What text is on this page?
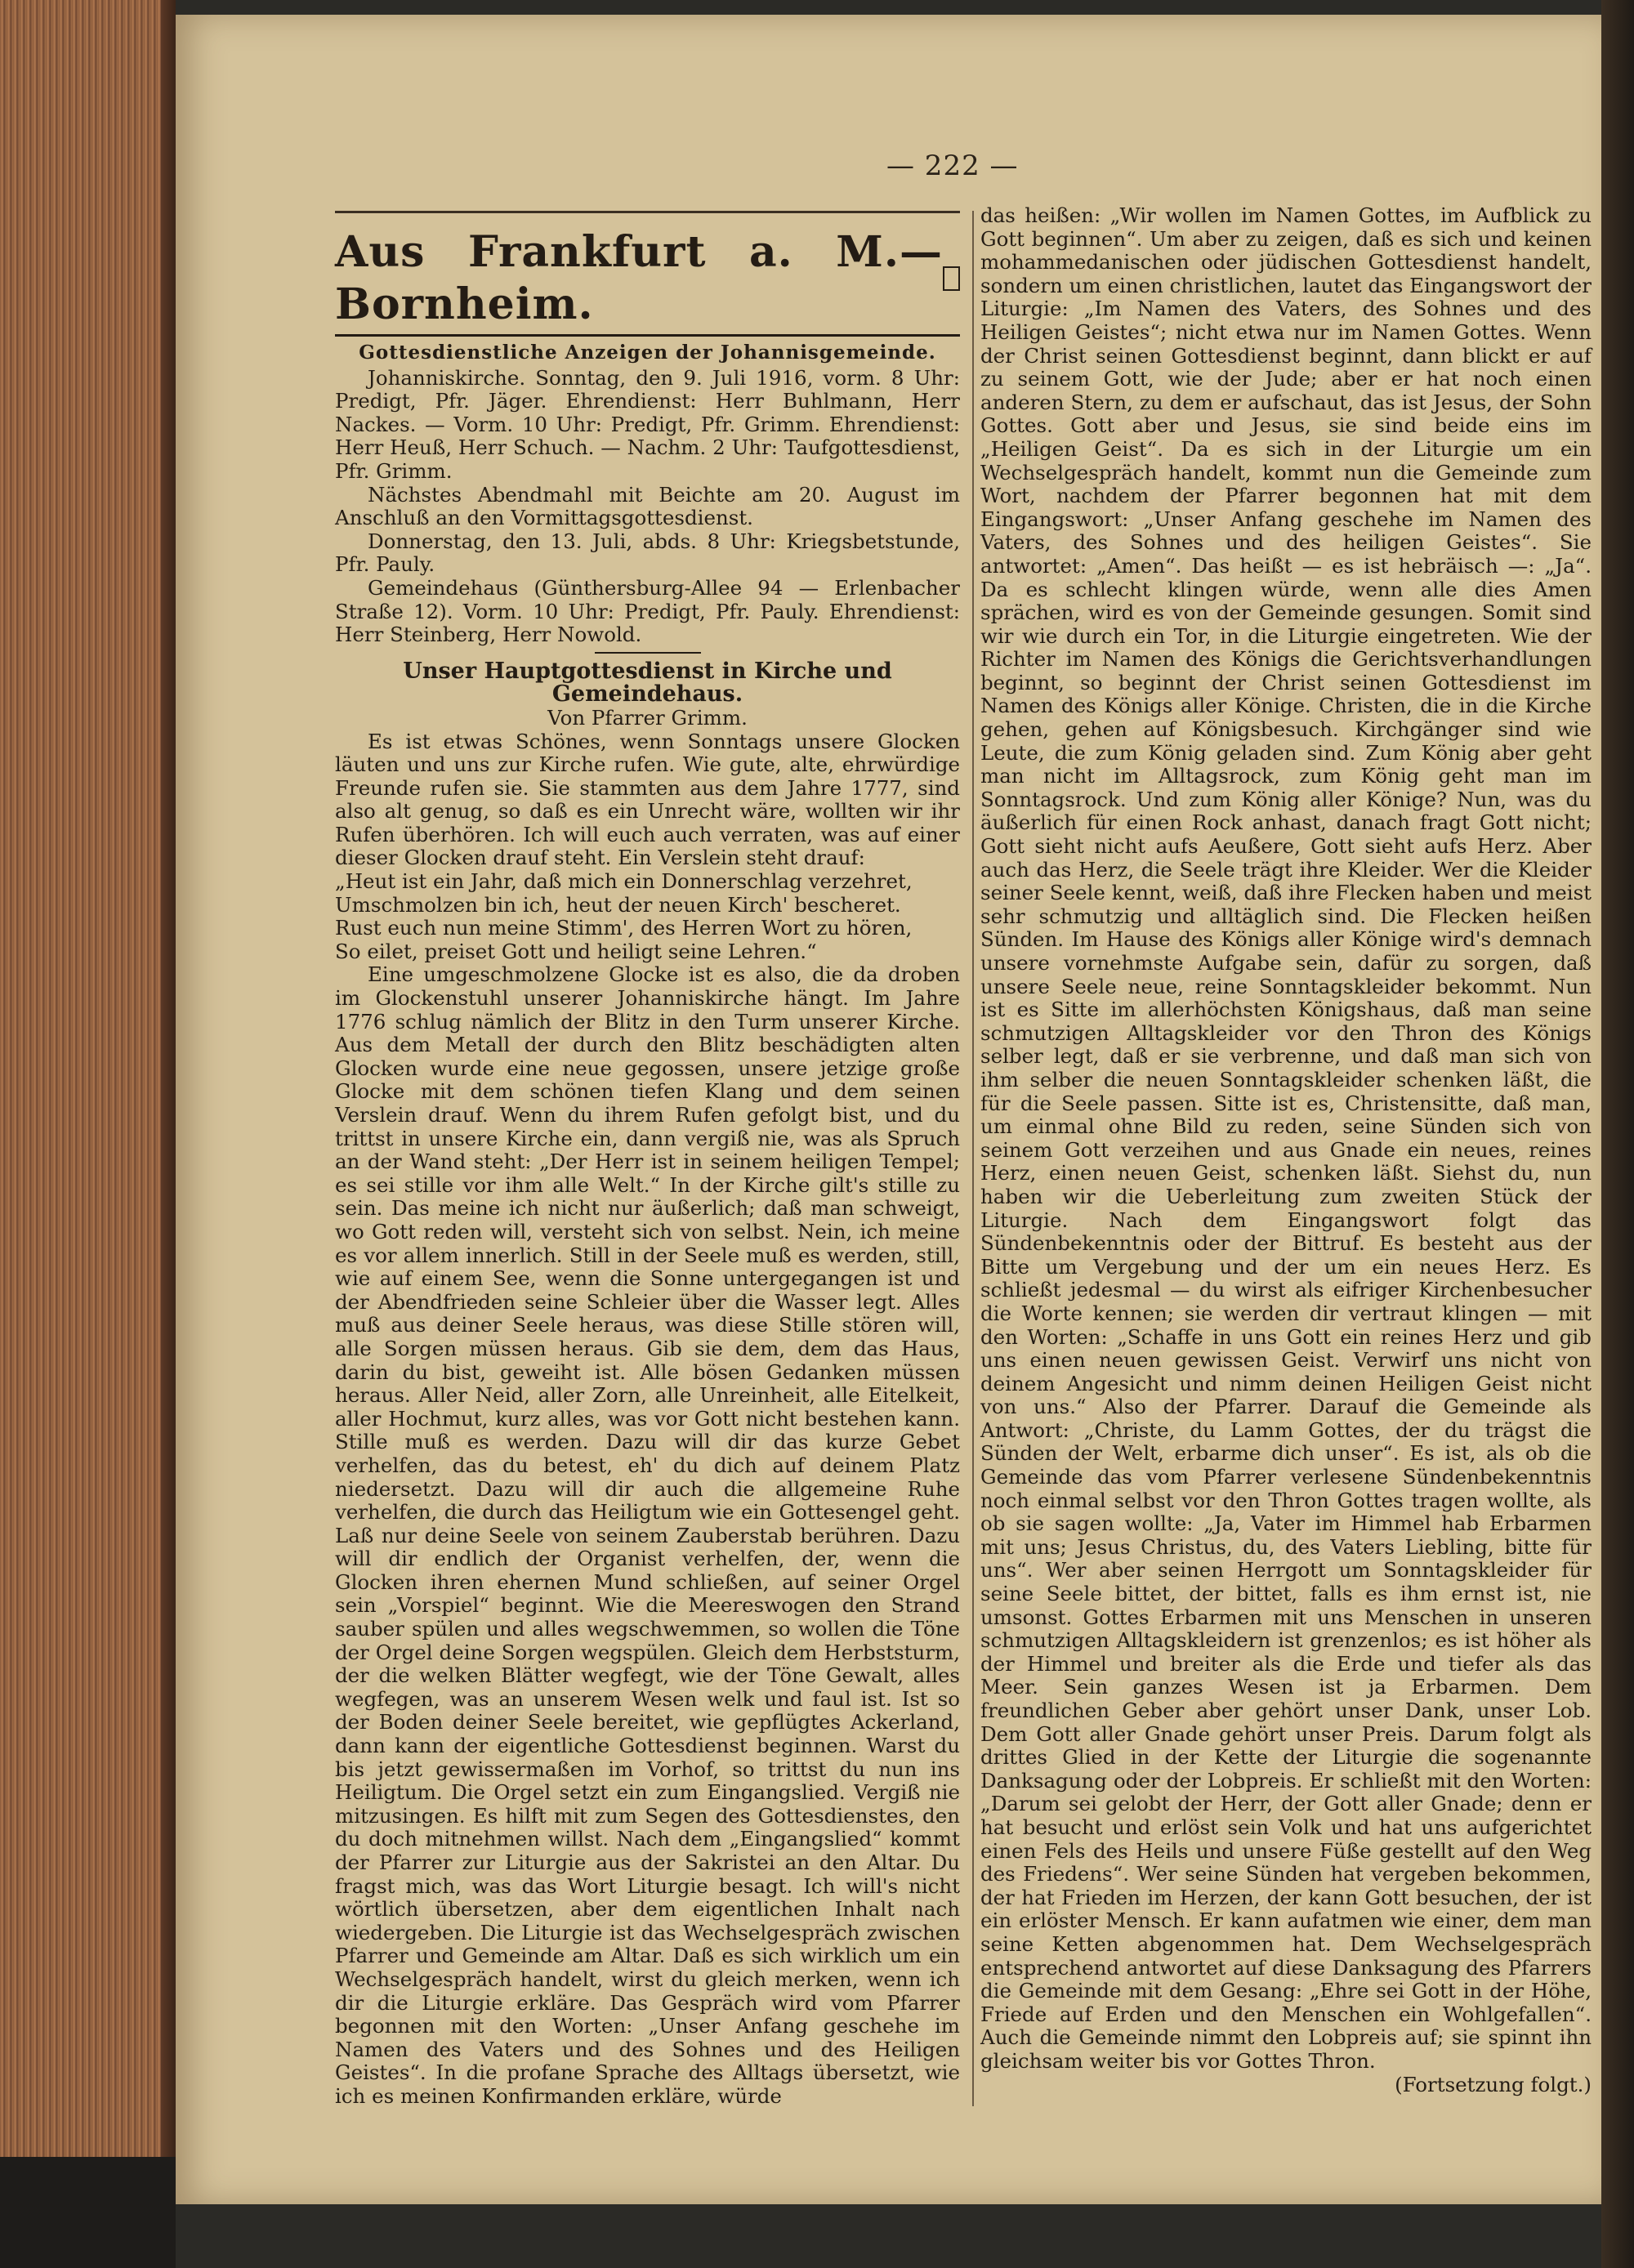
— 222 —
Aus Frankfurt a. M.—Bornheim.
Gottesdienstliche Anzeigen der Johannisgemeinde.

Johanniskirche. Sonntag, den 9. Juli 1916, vorm. 8 Uhr: Predigt, Pfr. Jäger. Ehrendienst: Herr Buhlmann, Herr Nackes. — Vorm. 10 Uhr: Predigt, Pfr. Grimm. Ehrendienst: Herr Heuß, Herr Schuch. — Nachm. 2 Uhr: Taufgottesdienst, Pfr. Grimm.

Nächstes Abendmahl mit Beichte am 20. August im Anschluß an den Vormittagsgottesdienst.

Donnerstag, den 13. Juli, abds. 8 Uhr: Kriegsbetstunde, Pfr. Pauly.

Gemeindehaus (Günthersburg-Allee 94 — Erlenbacher Straße 12). Vorm. 10 Uhr: Predigt, Pfr. Pauly. Ehrendienst: Herr Steinberg, Herr Nowold.

Unser Hauptgottesdienst in Kirche und Gemeindehaus.
Von Pfarrer Grimm.

Es ist etwas Schönes, wenn Sonntags unsere Glocken läuten und uns zur Kirche rufen. Wie gute, alte, ehrwürdige Freunde rufen sie. Sie stammten aus dem Jahre 1777, sind also alt genug, so daß es ein Unrecht wäre, wollten wir ihr Rufen überhören. Ich will euch auch verraten, was auf einer dieser Glocken drauf steht. Ein Verslein steht drauf:

„Heut ist ein Jahr, daß mich ein Donnerschlag verzehret,

Umschmolzen bin ich, heut der neuen Kirch' bescheret.

Rust euch nun meine Stimm', des Herren Wort zu hören,

So eilet, preiset Gott und heiligt seine Lehren.“

Eine umgeschmolzene Glocke ist es also, die da droben im Glockenstuhl unserer Johanniskirche hängt. Im Jahre 1776 schlug nämlich der Blitz in den Turm unserer Kirche. Aus dem Metall der durch den Blitz beschädigten alten Glocken wurde eine neue gegossen, unsere jetzige große Glocke mit dem schönen tiefen Klang und dem seinen Verslein drauf. Wenn du ihrem Rufen gefolgt bist, und du trittst in unsere Kirche ein, dann vergiß nie, was als Spruch an der Wand steht: „Der Herr ist in seinem heiligen Tempel; es sei stille vor ihm alle Welt.“ In der Kirche gilt's stille zu sein. Das meine ich nicht nur äußerlich; daß man schweigt, wo Gott reden will, versteht sich von selbst. Nein, ich meine es vor allem innerlich. Still in der Seele muß es werden, still, wie auf einem See, wenn die Sonne untergegangen ist und der Abendfrieden seine Schleier über die Wasser legt. Alles muß aus deiner Seele heraus, was diese Stille stören will, alle Sorgen müssen heraus. Gib sie dem, dem das Haus, darin du bist, geweiht ist. Alle bösen Gedanken müssen heraus. Aller Neid, aller Zorn, alle Unreinheit, alle Eitelkeit, aller Hochmut, kurz alles, was vor Gott nicht bestehen kann. Stille muß es werden. Dazu will dir das kurze Gebet verhelfen, das du betest, eh' du dich auf deinem Platz niedersetzt. Dazu will dir auch die allgemeine Ruhe verhelfen, die durch das Heiligtum wie ein Gottesengel geht. Laß nur deine Seele von seinem Zauberstab berühren. Dazu will dir endlich der Organist verhelfen, der, wenn die Glocken ihren ehernen Mund schließen, auf seiner Orgel sein „Vorspiel“ beginnt. Wie die Meereswogen den Strand sauber spülen und alles wegschwemmen, so wollen die Töne der Orgel deine Sorgen wegspülen. Gleich dem Herbststurm, der die welken Blätter wegfegt, wie der Töne Gewalt, alles wegfegen, was an unserem Wesen welk und faul ist. Ist so der Boden deiner Seele bereitet, wie gepflügtes Ackerland, dann kann der eigentliche Gottesdienst beginnen. Warst du bis jetzt gewissermaßen im Vorhof, so trittst du nun ins Heiligtum. Die Orgel setzt ein zum Eingangslied. Vergiß nie mitzusingen. Es hilft mit zum Segen des Gottesdienstes, den du doch mitnehmen willst. Nach dem „Eingangslied“ kommt der Pfarrer zur Liturgie aus der Sakristei an den Altar. Du fragst mich, was das Wort Liturgie besagt. Ich will's nicht wörtlich übersetzen, aber dem eigentlichen Inhalt nach wiedergeben. Die Liturgie ist das Wechselgespräch zwischen Pfarrer und Gemeinde am Altar. Daß es sich wirklich um ein Wechselgespräch handelt, wirst du gleich merken, wenn ich dir die Liturgie erkläre. Das Gespräch wird vom Pfarrer begonnen mit den Worten: „Unser Anfang geschehe im Namen des Vaters und des Sohnes und des Heiligen Geistes“. In die profane Sprache des Alltags übersetzt, wie ich es meinen Konfirmanden erkläre, würde

das heißen: „Wir wollen im Namen Gottes, im Aufblick zu Gott beginnen“. Um aber zu zeigen, daß es sich und keinen mohammedanischen oder jüdischen Gottesdienst handelt, sondern um einen christlichen, lautet das Eingangswort der Liturgie: „Im Namen des Vaters, des Sohnes und des Heiligen Geistes“; nicht etwa nur im Namen Gottes. Wenn der Christ seinen Gottesdienst beginnt, dann blickt er auf zu seinem Gott, wie der Jude; aber er hat noch einen anderen Stern, zu dem er aufschaut, das ist Jesus, der Sohn Gottes. Gott aber und Jesus, sie sind beide eins im „Heiligen Geist“. Da es sich in der Liturgie um ein Wechselgespräch handelt, kommt nun die Gemeinde zum Wort, nachdem der Pfarrer begonnen hat mit dem Eingangswort: „Unser Anfang geschehe im Namen des Vaters, des Sohnes und des heiligen Geistes“. Sie antwortet: „Amen“. Das heißt — es ist hebräisch —: „Ja“. Da es schlecht klingen würde, wenn alle dies Amen sprächen, wird es von der Gemeinde gesungen. Somit sind wir wie durch ein Tor, in die Liturgie eingetreten. Wie der Richter im Namen des Königs die Gerichtsverhandlungen beginnt, so beginnt der Christ seinen Gottesdienst im Namen des Königs aller Könige. Christen, die in die Kirche gehen, gehen auf Königsbesuch. Kirchgänger sind wie Leute, die zum König geladen sind. Zum König aber geht man nicht im Alltagsrock, zum König geht man im Sonntagsrock. Und zum König aller Könige? Nun, was du äußerlich für einen Rock anhast, danach fragt Gott nicht; Gott sieht nicht aufs Aeußere, Gott sieht aufs Herz. Aber auch das Herz, die Seele trägt ihre Kleider. Wer die Kleider seiner Seele kennt, weiß, daß ihre Flecken haben und meist sehr schmutzig und alltäglich sind. Die Flecken heißen Sünden. Im Hause des Königs aller Könige wird's demnach unsere vornehmste Aufgabe sein, dafür zu sorgen, daß unsere Seele neue, reine Sonntagskleider bekommt. Nun ist es Sitte im allerhöchsten Königshaus, daß man seine schmutzigen Alltagskleider vor den Thron des Königs selber legt, daß er sie verbrenne, und daß man sich von ihm selber die neuen Sonntagskleider schenken läßt, die für die Seele passen. Sitte ist es, Christensitte, daß man, um einmal ohne Bild zu reden, seine Sünden sich von seinem Gott verzeihen und aus Gnade ein neues, reines Herz, einen neuen Geist, schenken läßt. Siehst du, nun haben wir die Ueberleitung zum zweiten Stück der Liturgie. Nach dem Eingangswort folgt das Sündenbekenntnis oder der Bittruf. Es besteht aus der Bitte um Vergebung und der um ein neues Herz. Es schließt jedesmal — du wirst als eifriger Kirchenbesucher die Worte kennen; sie werden dir vertraut klingen — mit den Worten: „Schaffe in uns Gott ein reines Herz und gib uns einen neuen gewissen Geist. Verwirf uns nicht von deinem Angesicht und nimm deinen Heiligen Geist nicht von uns.“ Also der Pfarrer. Darauf die Gemeinde als Antwort: „Christe, du Lamm Gottes, der du trägst die Sünden der Welt, erbarme dich unser“. Es ist, als ob die Gemeinde das vom Pfarrer verlesene Sündenbekenntnis noch einmal selbst vor den Thron Gottes tragen wollte, als ob sie sagen wollte: „Ja, Vater im Himmel hab Erbarmen mit uns; Jesus Christus, du, des Vaters Liebling, bitte für uns“. Wer aber seinen Herrgott um Sonntagskleider für seine Seele bittet, der bittet, falls es ihm ernst ist, nie umsonst. Gottes Erbarmen mit uns Menschen in unseren schmutzigen Alltagskleidern ist grenzenlos; es ist höher als der Himmel und breiter als die Erde und tiefer als das Meer. Sein ganzes Wesen ist ja Erbarmen. Dem freundlichen Geber aber gehört unser Dank, unser Lob. Dem Gott aller Gnade gehört unser Preis. Darum folgt als drittes Glied in der Kette der Liturgie die sogenannte Danksagung oder der Lobpreis. Er schließt mit den Worten: „Darum sei gelobt der Herr, der Gott aller Gnade; denn er hat besucht und erlöst sein Volk und hat uns aufgerichtet einen Fels des Heils und unsere Füße gestellt auf den Weg des Friedens“. Wer seine Sünden hat vergeben bekommen, der hat Frieden im Herzen, der kann Gott besuchen, der ist ein erlöster Mensch. Er kann aufatmen wie einer, dem man seine Ketten abgenommen hat. Dem Wechselgespräch entsprechend antwortet auf diese Danksagung des Pfarrers die Gemeinde mit dem Gesang: „Ehre sei Gott in der Höhe, Friede auf Erden und den Menschen ein Wohlgefallen“. Auch die Gemeinde nimmt den Lobpreis auf; sie spinnt ihn gleichsam weiter bis vor Gottes Thron.

(Fortsetzung folgt.)
